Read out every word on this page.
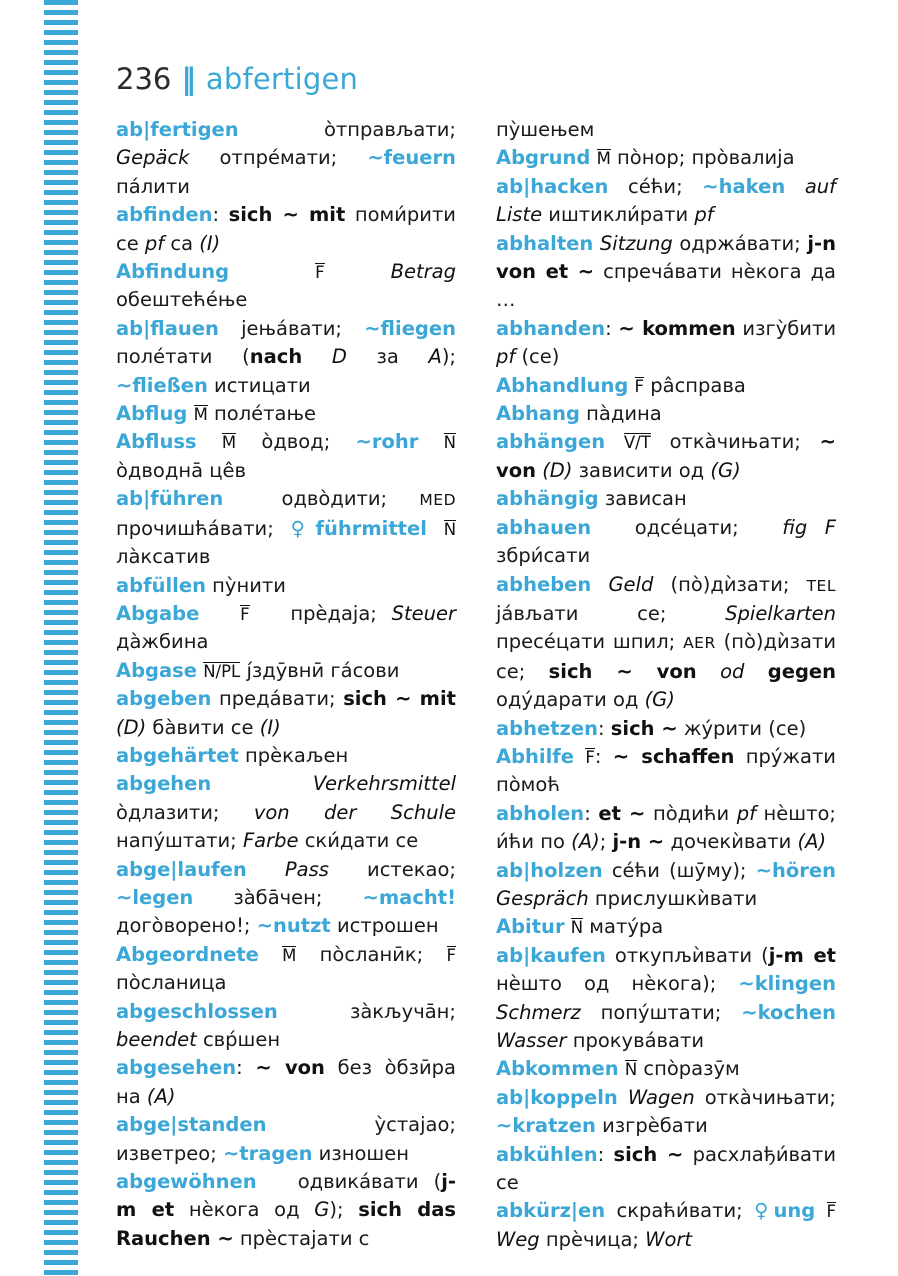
236 ‖ abfertigen

ab|fertigen о̀тправљати; Gepäck отпре́мати; ~feuern па́лити

abfinden: sich ~ mit поми́рити се pf са (I)

Abfindung	F	Betrag обештеће́ње

ab|flauen јења́вати; ~fliegen поле́тати (nach D за A); ~fließen истицати

Abflug M поле́тање

Abfluss M о̀двод; ~rohr N о̀дводнā це̂в

ab|führen	одво̀дити; MED прочишћа́вати; ♀führmittel N ла̀ксатив

abfüllen пу̀нити

Abgabe F прѐдаја; Steuer да̀жбина

Abgase N/PL ј́здӯвнӣ га́сови

abgeben преда́вати; sich ~ mit (D) ба̀вити се (I)

abgehärtet прѐкаљен

abgehen	Verkehrsmittel о̀длазити; von der Schule напу́штати; Farbe ски́дати се

abge|laufen Pass истекао; ~legen за̀ба̄чен; ~macht! дого̀ворено!; ~nutzt истрошен

Abgeordnete M по̀сланӣк; F по̀сланица

abgeschlossen за̀кључа̄н; beendet свр́шен

abgesehen: ~ von без о̀бзӣра на (A)

abge|standen у̀стајао; изветрео; ~tragen изношен

abgewöhnen одвика́вати (j-m et нѐкога од G); sich das Rauchen ~ прѐстајати с

пу̀шењем

Abgrund M по̀нор; про̀валија

ab|hacken се́ћи; ~haken auf Liste иштикли́рати pf

abhalten Sitzung одржа́вати; j-n von et ~ спреча́вати нѐкога да …

abhanden: ~ kommen изгу̀бити pf (се)

Abhandlung F ра̂справа

Abhang па̀дина

abhängen V/T отка̀чињати; ~ von (D) зависити од (G)

abhängig зависан

abhauen одсе́цати; fig F збри́сати

abheben Geld (по̀)дѝзати; TEL ја́вљати се; Spielkarten пресе́цати шпил; AER (по̀)дѝзати се; sich ~ von od gegen оду́дарати од (G)

abhetzen: sich ~ жу́рити (се)

Abhilfe F: ~ schaffen пру́жати по̀моћ

abholen: et ~ по̀дићи pf нѐшто; и́ћи по (A); j-n ~ дочекѝвати (A)

ab|holzen се́ћи (шӯму); ~hören Gespräch прислушкѝвати

Abitur N мату́ра

ab|kaufen откупљѝвати (j-m et нѐшто од нѐкога); ~klingen Schmerz попу́штати; ~kochen Wasser прокува́вати

Abkommen N спо̀разӯм

ab|koppeln Wagen отка̀чињати; ~kratzen изгрѐбати

abkühlen: sich ~ расхлађи́вати се

abkürz|en скраћи́вати; ♀ung F Weg прѐчица; Wort
